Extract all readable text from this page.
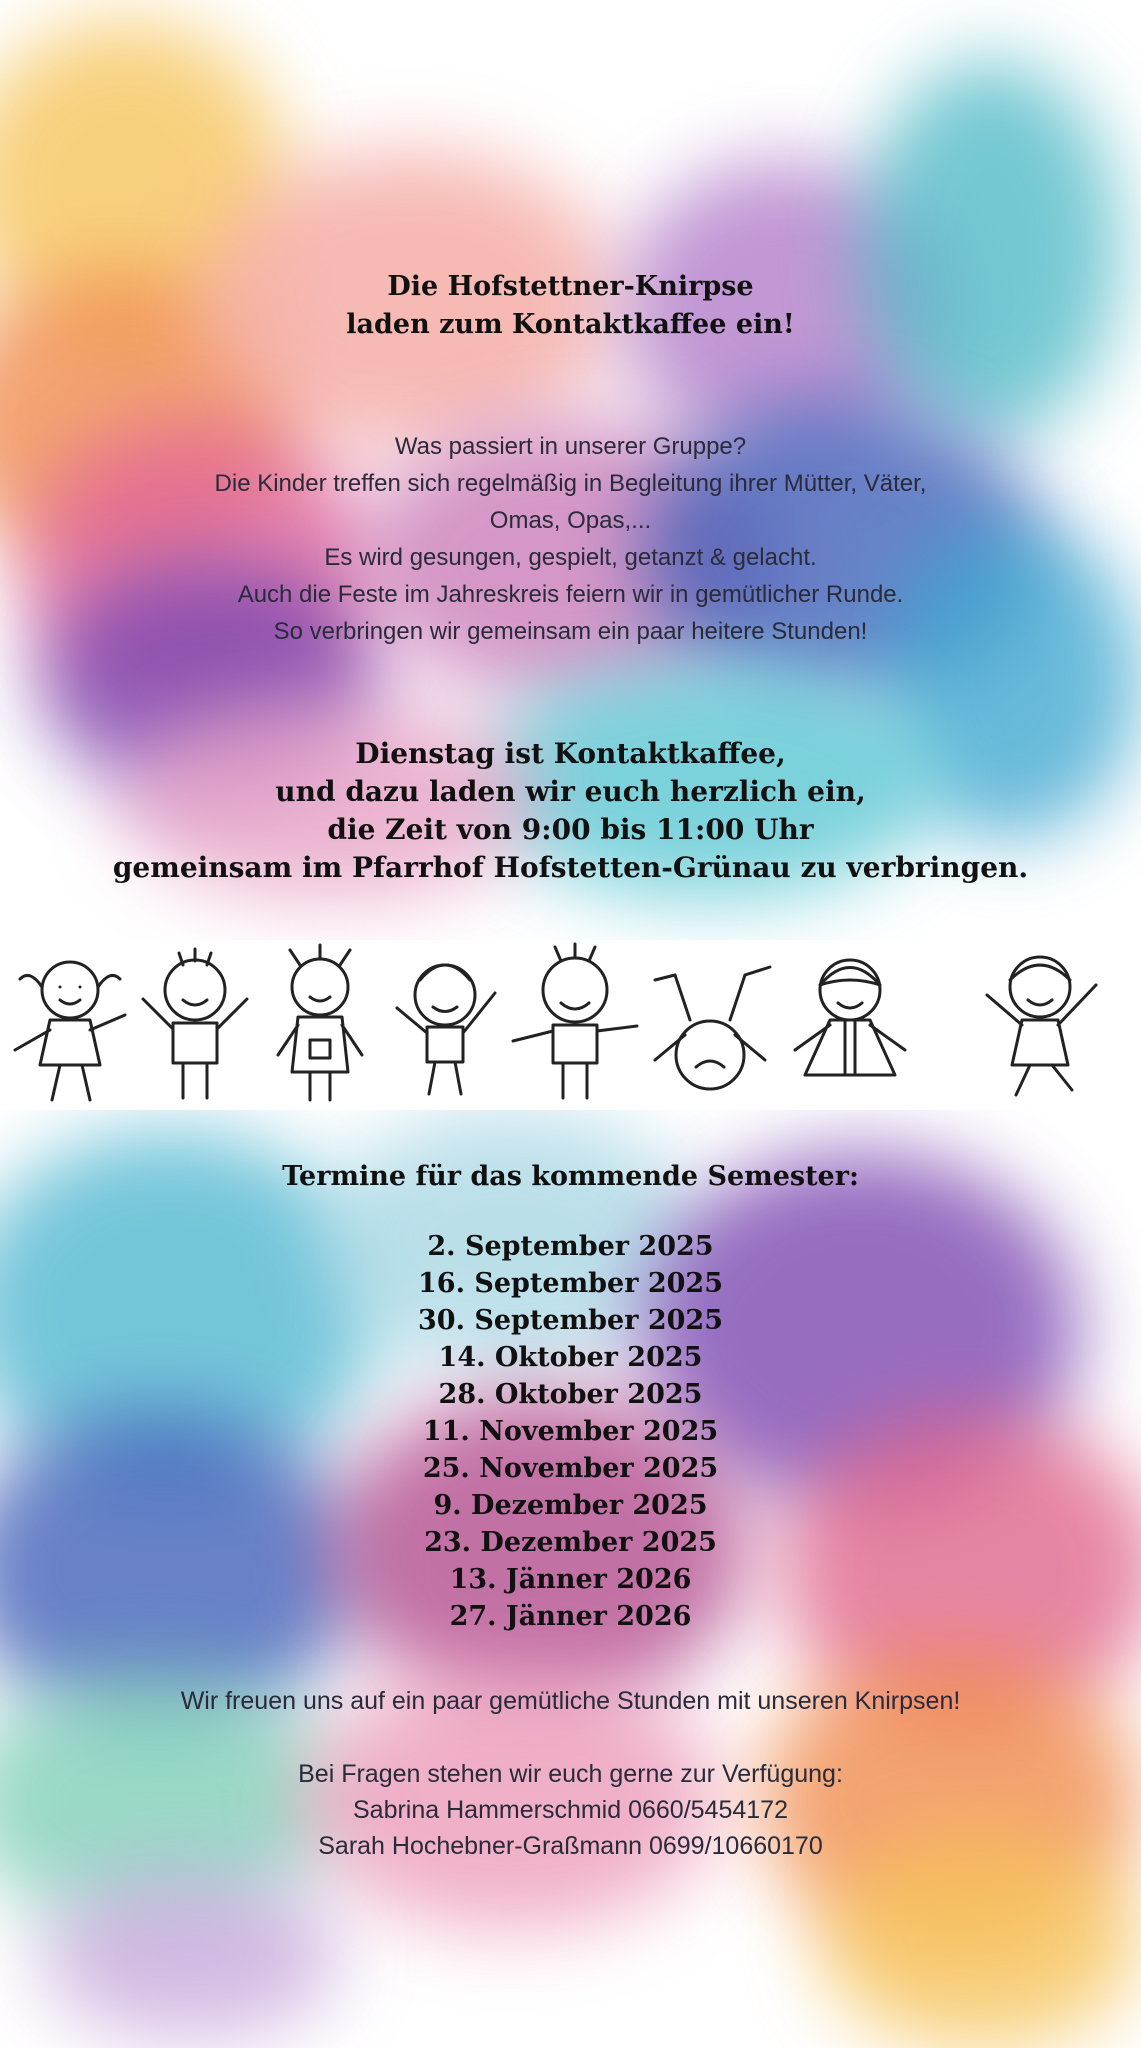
Die Hofstettner-Knirpse
laden zum Kontaktkaffee ein!
Was passiert in unserer Gruppe?
Die Kinder treffen sich regelmäßig in Begleitung ihrer Mütter, Väter,
Omas, Opas,...
Es wird gesungen, gespielt, getanzt & gelacht.
Auch die Feste im Jahreskreis feiern wir in gemütlicher Runde.
So verbringen wir gemeinsam ein paar heitere Stunden!
Dienstag ist Kontaktkaffee,
und dazu laden wir euch herzlich ein,
die Zeit von 9:00 bis 11:00 Uhr
gemeinsam im Pfarrhof Hofstetten-Grünau zu verbringen.
Termine für das kommende Semester:
2. September 2025
16. September 2025
30. September 2025
14. Oktober 2025
28. Oktober 2025
11. November 2025
25. November 2025
9. Dezember 2025
23. Dezember 2025
13. Jänner 2026
27. Jänner 2026
Wir freuen uns auf ein paar gemütliche Stunden mit unseren Knirpsen!
Bei Fragen stehen wir euch gerne zur Verfügung:
Sabrina Hammerschmid 0660/5454172
Sarah Hochebner-Graßmann 0699/10660170
